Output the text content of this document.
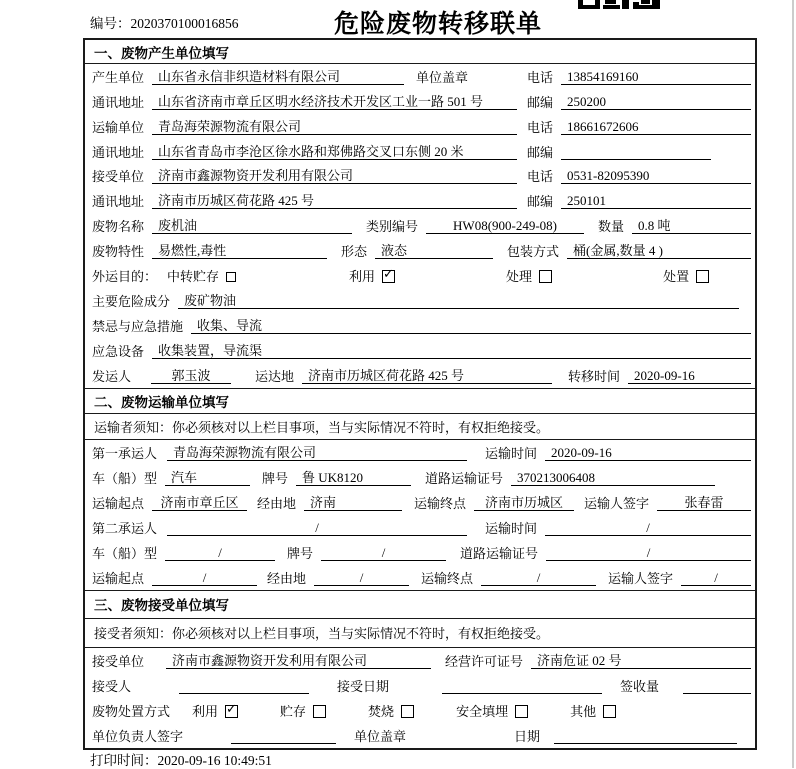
编号：2020370100016856	危险废物转移联单
一、废物产生单位填写
产生单位	山东省永信非织造材料有限公司	单位盖章	电话	13854169160
通讯地址	山东省济南市章丘区明水经济技术开发区工业一路 501 号	邮编	250200
运输单位	青岛海荣源物流有限公司	电话	18661672606
通讯地址	山东省青岛市李沧区徐水路和郑佛路交叉口东侧 20 米	邮编
接受单位	济南市鑫源物资开发利用有限公司	电话	0531-82095390
通讯地址	济南市历城区荷花路 425 号	邮编	250101
废物名称	废机油	类别编号	HW08(900-249-08)	数量	0.8 吨
废物特性	易燃性,毒性	形态	液态	包装方式	桶(金属,数量 4 )
外运目的： 中转贮存	利用 ✓	处理	处置
主要危险成分	废矿物油
禁忌与应急措施	收集、导流
应急设备	收集装置，导流渠
发运人	郭玉波	运达地	济南市历城区荷花路 425 号	转移时间	2020-09-16
二、废物运输单位填写
运输者须知：你必须核对以上栏目事项，当与实际情况不符时，有权拒绝接受。
第一承运人	青岛海荣源物流有限公司	运输时间	2020-09-16
车（船）型	汽车	牌号	鲁 UK8120	道路运输证号	370213006408
运输起点	济南市章丘区	经由地	济南	运输终点	济南市历城区	运输人签字	张春雷
第二承运人	/	运输时间	/
车（船）型	/	牌号	/	道路运输证号	/
运输起点	/	经由地	/	运输终点	/	运输人签字	/
三、废物接受单位填写
接受者须知：你必须核对以上栏目事项，当与实际情况不符时，有权拒绝接受。
接受单位	济南市鑫源物资开发利用有限公司	经营许可证号	济南危证 02 号
接受人	接受日期	签收量
废物处置方式 利用 ✓	贮存	焚烧	安全填埋	其他
单位负责人签字	单位盖章	日期
打印时间：2020-09-16 10:49:51
